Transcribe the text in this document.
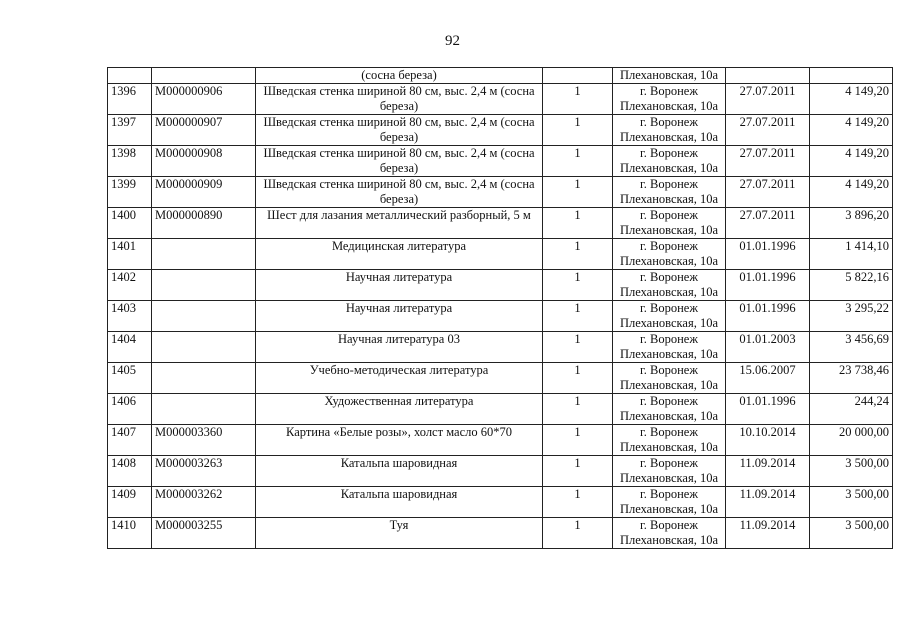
92
		(сосна береза)		Плехановская, 10а		
1396	М000000906	Шведская стенка шириной 80 см, выс. 2,4 м (сосна береза)	1	г. Воронеж Плехановская, 10а	27.07.2011	4 149,20
1397	М000000907	Шведская стенка шириной 80 см, выс. 2,4 м (сосна береза)	1	г. Воронеж Плехановская, 10а	27.07.2011	4 149,20
1398	М000000908	Шведская стенка шириной 80 см, выс. 2,4 м (сосна береза)	1	г. Воронеж Плехановская, 10а	27.07.2011	4 149,20
1399	М000000909	Шведская стенка шириной 80 см, выс. 2,4 м (сосна береза)	1	г. Воронеж Плехановская, 10а	27.07.2011	4 149,20
1400	М000000890	Шест для лазания металлический разборный, 5 м	1	г. Воронеж Плехановская, 10а	27.07.2011	3 896,20
1401		Медицинская литература	1	г. Воронеж Плехановская, 10а	01.01.1996	1 414,10
1402		Научная литература	1	г. Воронеж Плехановская, 10а	01.01.1996	5 822,16
1403		Научная литература	1	г. Воронеж Плехановская, 10а	01.01.1996	3 295,22
1404		Научная литература 03	1	г. Воронеж Плехановская, 10а	01.01.2003	3 456,69
1405		Учебно-методическая литература	1	г. Воронеж Плехановская, 10а	15.06.2007	23 738,46
1406		Художественная литература	1	г. Воронеж Плехановская, 10а	01.01.1996	244,24
1407	М000003360	Картина «Белые розы», холст масло 60*70	1	г. Воронеж Плехановская, 10а	10.10.2014	20 000,00
1408	М000003263	Катальпа шаровидная	1	г. Воронеж Плехановская, 10а	11.09.2014	3 500,00
1409	М000003262	Катальпа шаровидная	1	г. Воронеж Плехановская, 10а	11.09.2014	3 500,00
1410	М000003255	Туя	1	г. Воронеж Плехановская, 10а	11.09.2014	3 500,00
